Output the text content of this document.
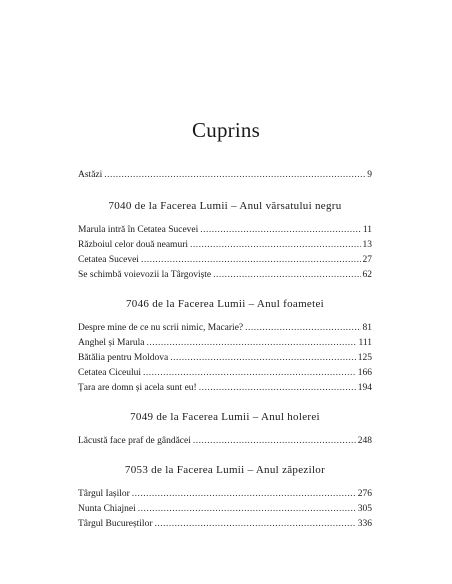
Cuprins
Astăzi .....	9
7040 de la Facerea Lumii – Anul vărsatului negru
Marula intră în Cetatea Sucevei .....	11
Războiul celor două neamuri .....	13
Cetatea Sucevei .....	27
Se schimbă voievozii la Târgoviște .....	62
7046 de la Facerea Lumii – Anul foametei
Despre mine de ce nu scrii nimic, Macarie? .....	81
Anghel și Marula .....	111
Bătălia pentru Moldova .....	125
Cetatea Ciceului .....	166
Țara are domn și acela sunt eu! .....	194
7049 de la Facerea Lumii – Anul holerei
Lăcustă face praf de gândăcei .....	248
7053 de la Facerea Lumii – Anul zăpezilor
Târgul Iașilor .....	276
Nunta Chiajnei .....	305
Târgul Bucureștilor .....	336
